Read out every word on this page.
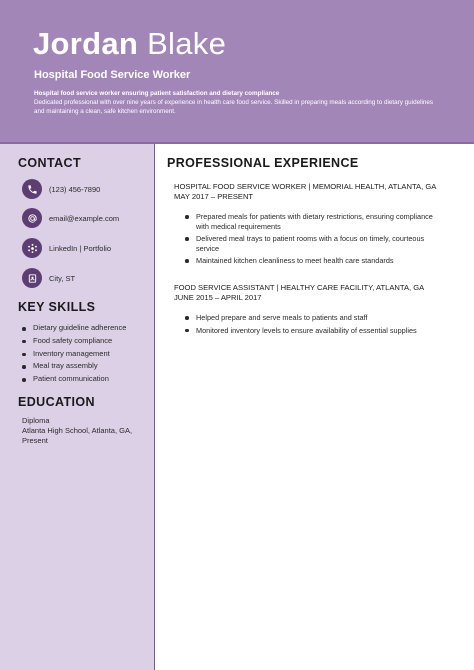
Jordan Blake
Hospital Food Service Worker
Hospital food service worker ensuring patient satisfaction and dietary compliance
Dedicated professional with over nine years of experience in health care food service. Skilled in preparing meals according to dietary guidelines and maintaining a clean, safe kitchen environment.
CONTACT
(123) 456-7890
email@example.com
LinkedIn | Portfolio
City, ST
KEY SKILLS
Dietary guideline adherence
Food safety compliance
Inventory management
Meal tray assembly
Patient communication
EDUCATION
Diploma
Atlanta High School, Atlanta, GA, Present
PROFESSIONAL EXPERIENCE
HOSPITAL FOOD SERVICE WORKER | MEMORIAL HEALTH, ATLANTA, GA
MAY 2017 – PRESENT
Prepared meals for patients with dietary restrictions, ensuring compliance with medical requirements
Delivered meal trays to patient rooms with a focus on timely, courteous service
Maintained kitchen cleanliness to meet health care standards
FOOD SERVICE ASSISTANT | HEALTHY CARE FACILITY, ATLANTA, GA
JUNE 2015 – APRIL 2017
Helped prepare and serve meals to patients and staff
Monitored inventory levels to ensure availability of essential supplies
